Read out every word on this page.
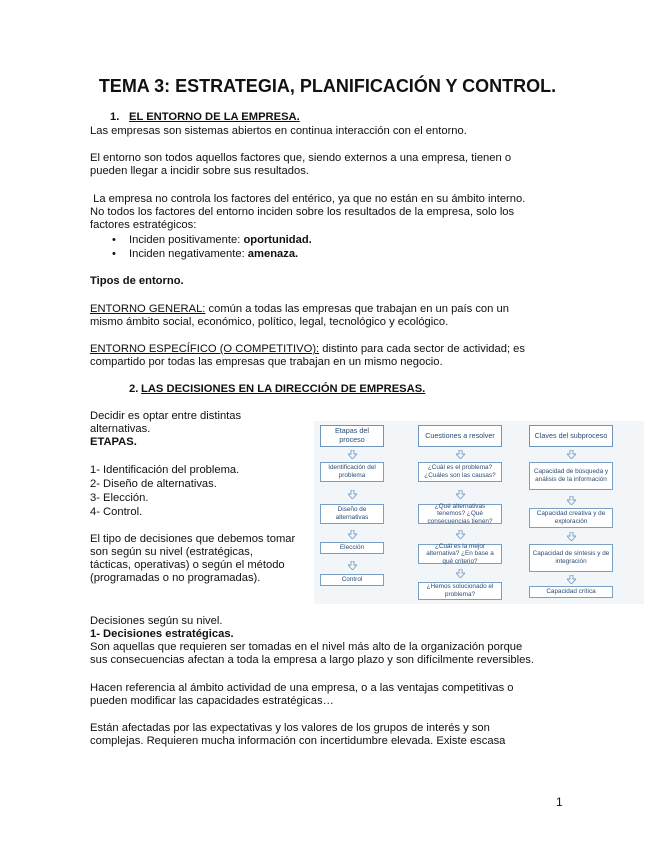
TEMA 3: ESTRATEGIA, PLANIFICACIÓN Y CONTROL.
1. EL ENTORNO DE LA EMPRESA.
Las empresas son sistemas abiertos en continua interacción con el entorno.
El entorno son todos aquellos factores que, siendo externos a una empresa, tienen o
pueden llegar a incidir sobre sus resultados.
La empresa no controla los factores del entérico, ya que no están en su ámbito interno.
No todos los factores del entorno inciden sobre los resultados de la empresa, solo los
factores estratégicos:
• Inciden positivamente: oportunidad.
• Inciden negativamente: amenaza.
Tipos de entorno.
ENTORNO GENERAL: común a todas las empresas que trabajan en un país con un
mismo ámbito social, económico, político, legal, tecnológico y ecológico.
ENTORNO ESPECÍFICO (O COMPETITIVO): distinto para cada sector de actividad; es
compartido por todas las empresas que trabajan en un mismo negocio.
2. LAS DECISIONES EN LA DIRECCIÓN DE EMPRESAS.
Decidir es optar entre distintas
alternativas.
ETAPAS.
1- Identificación del problema.
2- Diseño de alternativas.
3- Elección.
4- Control.
El tipo de decisiones que debemos tomar
son según su nivel (estratégicas,
tácticas, operativas) o según el método
(programadas o no programadas).
Etapas del proceso	Cuestiones a resolver	Claves del subproceso
Identificación del problema
Diseño de alternativas
Elección
Control
¿Cuál es el problema? ¿Cuáles son las causas?
¿Qué alternativas tenemos? ¿Qué consecuencias tienen?
¿Cuál es la mejor alternativa? ¿En base a qué criterio?
¿Hemos solucionado el problema?
Capacidad de búsqueda y análisis de la información
Capacidad creativa y de exploración
Capacidad de síntesis y de integración
Capacidad crítica
Decisiones según su nivel.
1- Decisiones estratégicas.
Son aquellas que requieren ser tomadas en el nivel más alto de la organización porque
sus consecuencias afectan a toda la empresa a largo plazo y son difícilmente reversibles.
Hacen referencia al ámbito actividad de una empresa, o a las ventajas competitivas o
pueden modificar las capacidades estratégicas…
Están afectadas por las expectativas y los valores de los grupos de interés y son
complejas. Requieren mucha información con incertidumbre elevada. Existe escasa
1
